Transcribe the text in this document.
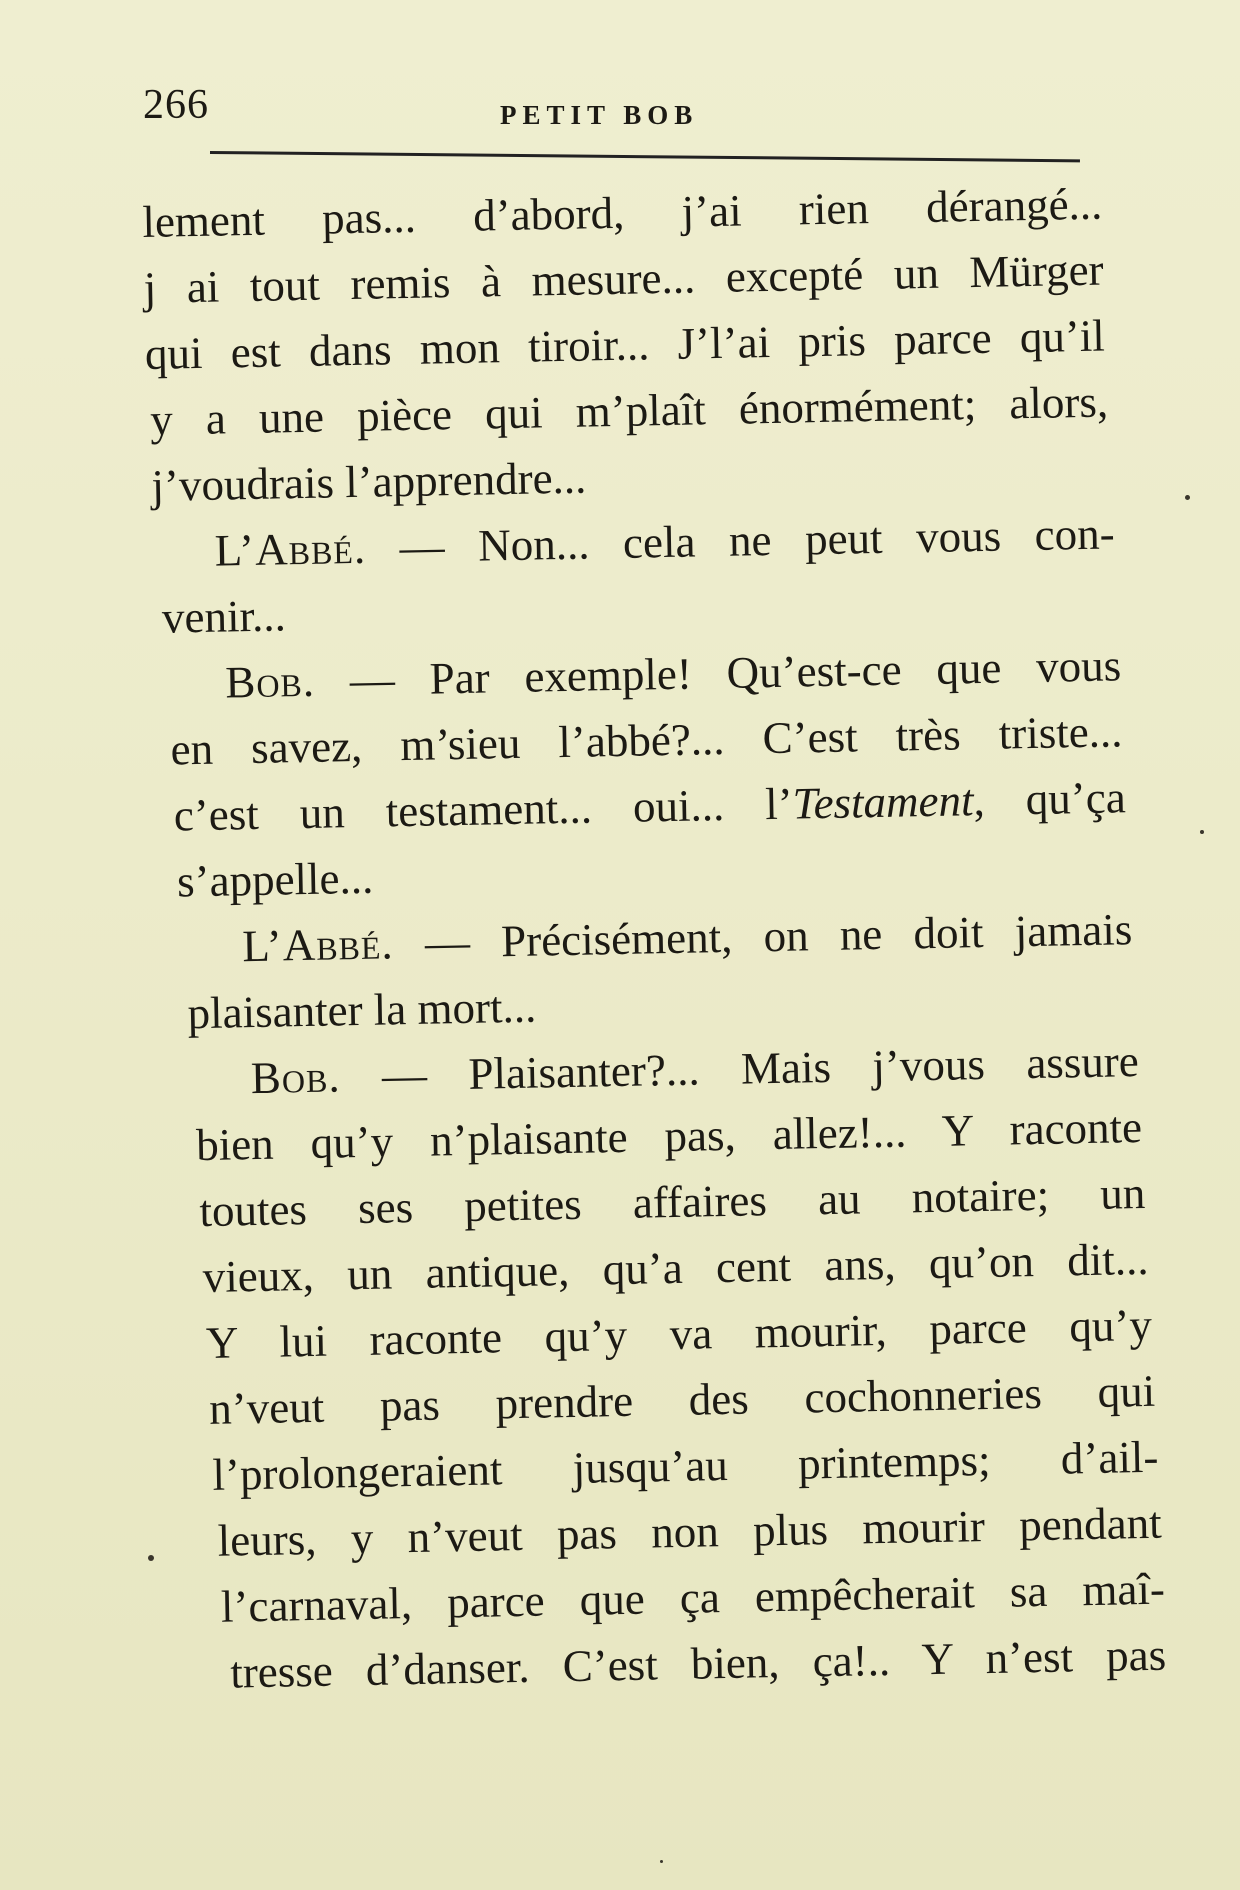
266	PETIT BOB
lement pas... d’abord, j’ai rien dérangé...
j ai tout remis à mesure... excepté un Mürger
qui est dans mon tiroir... J’l’ai pris parce qu’il
y a une pièce qui m’plaît énormément; alors,
j’voudrais l’apprendre...
L’Abbé. — Non... cela ne peut vous con-
venir...
Bob. — Par exemple! Qu’est-ce que vous
en savez, m’sieu l’abbé?... C’est très triste...
c’est un testament... oui... l’Testament, qu’ça
s’appelle...
L’Abbé. — Précisément, on ne doit jamais
plaisanter la mort...
Bob. — Plaisanter?... Mais j’vous assure
bien qu’y n’plaisante pas, allez!... Y raconte
toutes ses petites affaires au notaire; un
vieux, un antique, qu’a cent ans, qu’on dit...
Y lui raconte qu’y va mourir, parce qu’y
n’veut pas prendre des cochonneries qui
l’prolongeraient jusqu’au printemps; d’ail-
leurs, y n’veut pas non plus mourir pendant
l’carnaval, parce que ça empêcherait sa maî-
tresse d’danser. C’est bien, ça!.. Y n’est pas
